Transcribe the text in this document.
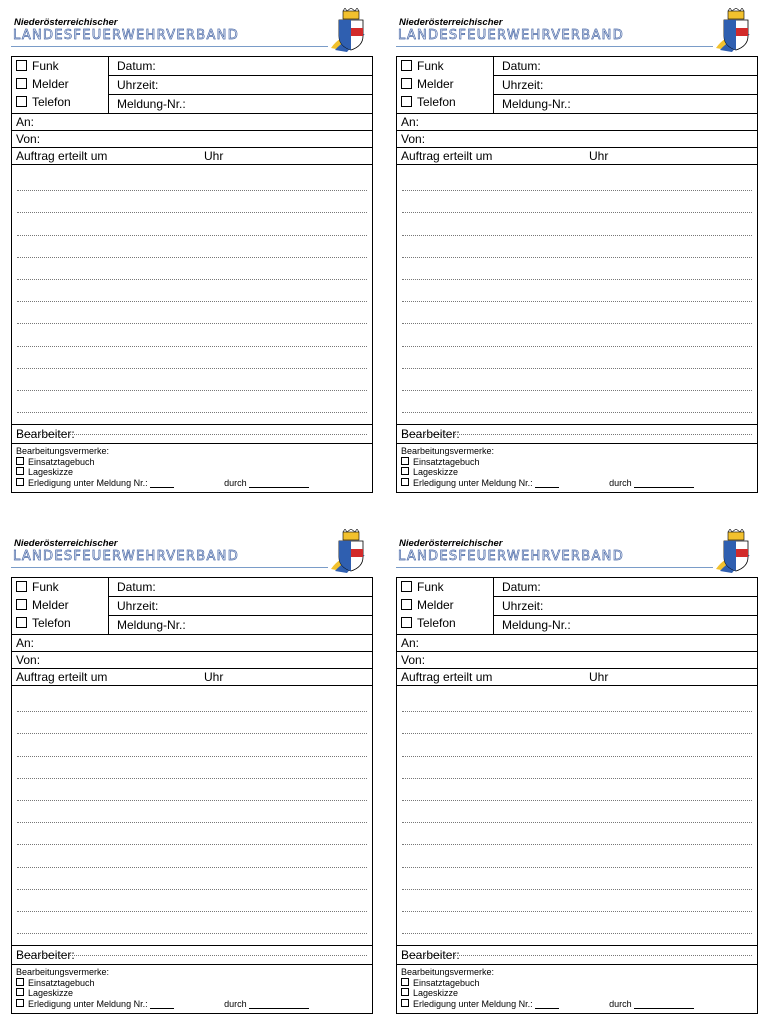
Niederösterreichischer
LANDESFEUERWEHRVERBAND
Funk
Melder
Telefon
Datum:
Uhrzeit:
Meldung-Nr.:
An:
Von:
Auftrag erteilt um	Uhr
Bearbeiter:
Bearbeitungsvermerke:
Einsatztagebuch
Lageskizze
Erledigung unter Meldung Nr.:	durch
Niederösterreichischer
LANDESFEUERWEHRVERBAND
Funk
Melder
Telefon
Datum:
Uhrzeit:
Meldung-Nr.:
An:
Von:
Auftrag erteilt um	Uhr
Bearbeiter:
Bearbeitungsvermerke:
Einsatztagebuch
Lageskizze
Erledigung unter Meldung Nr.:	durch
Niederösterreichischer
LANDESFEUERWEHRVERBAND
Funk
Melder
Telefon
Datum:
Uhrzeit:
Meldung-Nr.:
An:
Von:
Auftrag erteilt um	Uhr
Bearbeiter:
Bearbeitungsvermerke:
Einsatztagebuch
Lageskizze
Erledigung unter Meldung Nr.:	durch
Niederösterreichischer
LANDESFEUERWEHRVERBAND
Funk
Melder
Telefon
Datum:
Uhrzeit:
Meldung-Nr.:
An:
Von:
Auftrag erteilt um	Uhr
Bearbeiter:
Bearbeitungsvermerke:
Einsatztagebuch
Lageskizze
Erledigung unter Meldung Nr.:	durch
